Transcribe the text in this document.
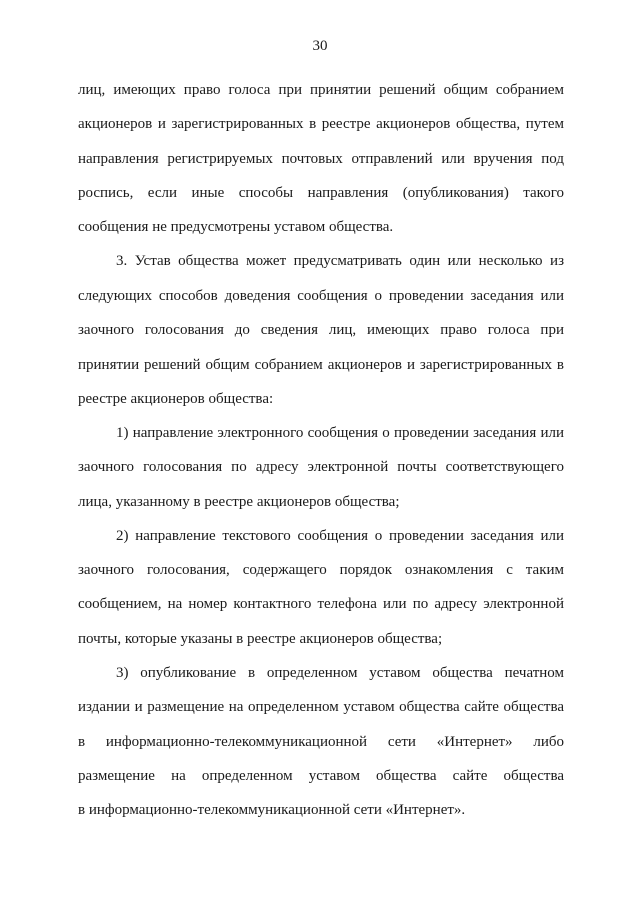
30
лиц, имеющих право голоса при принятии решений общим собранием
акционеров и зарегистрированных в реестре акционеров общества, путем
направления регистрируемых почтовых отправлений или вручения под
роспись, если иные способы направления (опубликования) такого
сообщения не предусмотрены уставом общества.
3. Устав общества может предусматривать один или несколько из
следующих способов доведения сообщения о проведении заседания или
заочного голосования до сведения лиц, имеющих право голоса при
принятии решений общим собранием акционеров и зарегистрированных в
реестре акционеров общества:
1) направление электронного сообщения о проведении заседания или
заочного голосования по адресу электронной почты соответствующего
лица, указанному в реестре акционеров общества;
2) направление текстового сообщения о проведении заседания или
заочного голосования, содержащего порядок ознакомления с таким
сообщением, на номер контактного телефона или по адресу электронной
почты, которые указаны в реестре акционеров общества;
3) опубликование в определенном уставом общества печатном
издании и размещение на определенном уставом общества сайте общества
в информационно-телекоммуникационной сети «Интернет» либо
размещение на определенном уставом общества сайте общества
в информационно-телекоммуникационной сети «Интернет».
